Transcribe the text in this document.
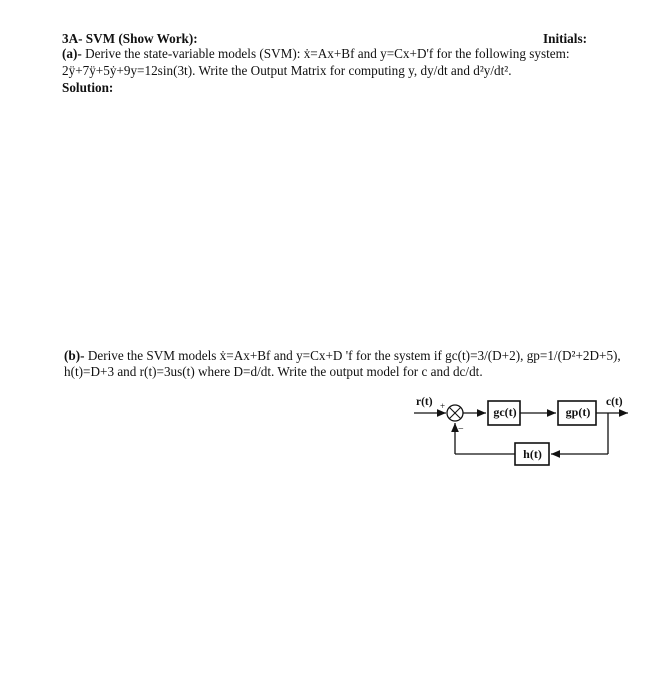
3A- SVM (Show Work):	Initials:
(a)- Derive the state-variable models (SVM): ẋ=Ax+Bf and y=Cx+D'f for the following system:
2ÿ+7ÿ+5ẏ+9y=12sin(3t). Write the Output Matrix for computing y, dy/dt and d²y/dt².
Solution:
(b)- Derive the SVM models ẋ=Ax+Bf and y=Cx+D 'f for the system if gc(t)=3/(D+2), gp=1/(D²+2D+5),
h(t)=D+3 and r(t)=3us(t) where D=d/dt. Write the output model for c and dc/dt.
+
−
r(t)	c(t)
gc(t)	gp(t)
h(t)
